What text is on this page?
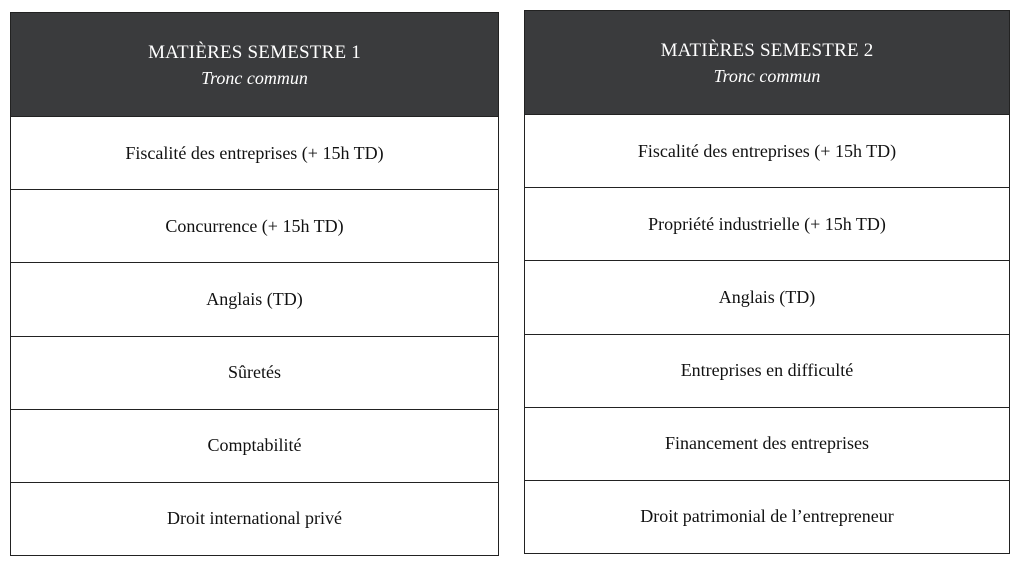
MATIÈRES SEMESTRE 1
Tronc commun
Fiscalité des entreprises (+ 15h TD)
Concurrence (+ 15h TD)
Anglais (TD)
Sûretés
Comptabilité
Droit international privé
MATIÈRES SEMESTRE 2
Tronc commun
Fiscalité des entreprises (+ 15h TD)
Propriété industrielle (+ 15h TD)
Anglais (TD)
Entreprises en difficulté
Financement des entreprises
Droit patrimonial de l’entrepreneur
